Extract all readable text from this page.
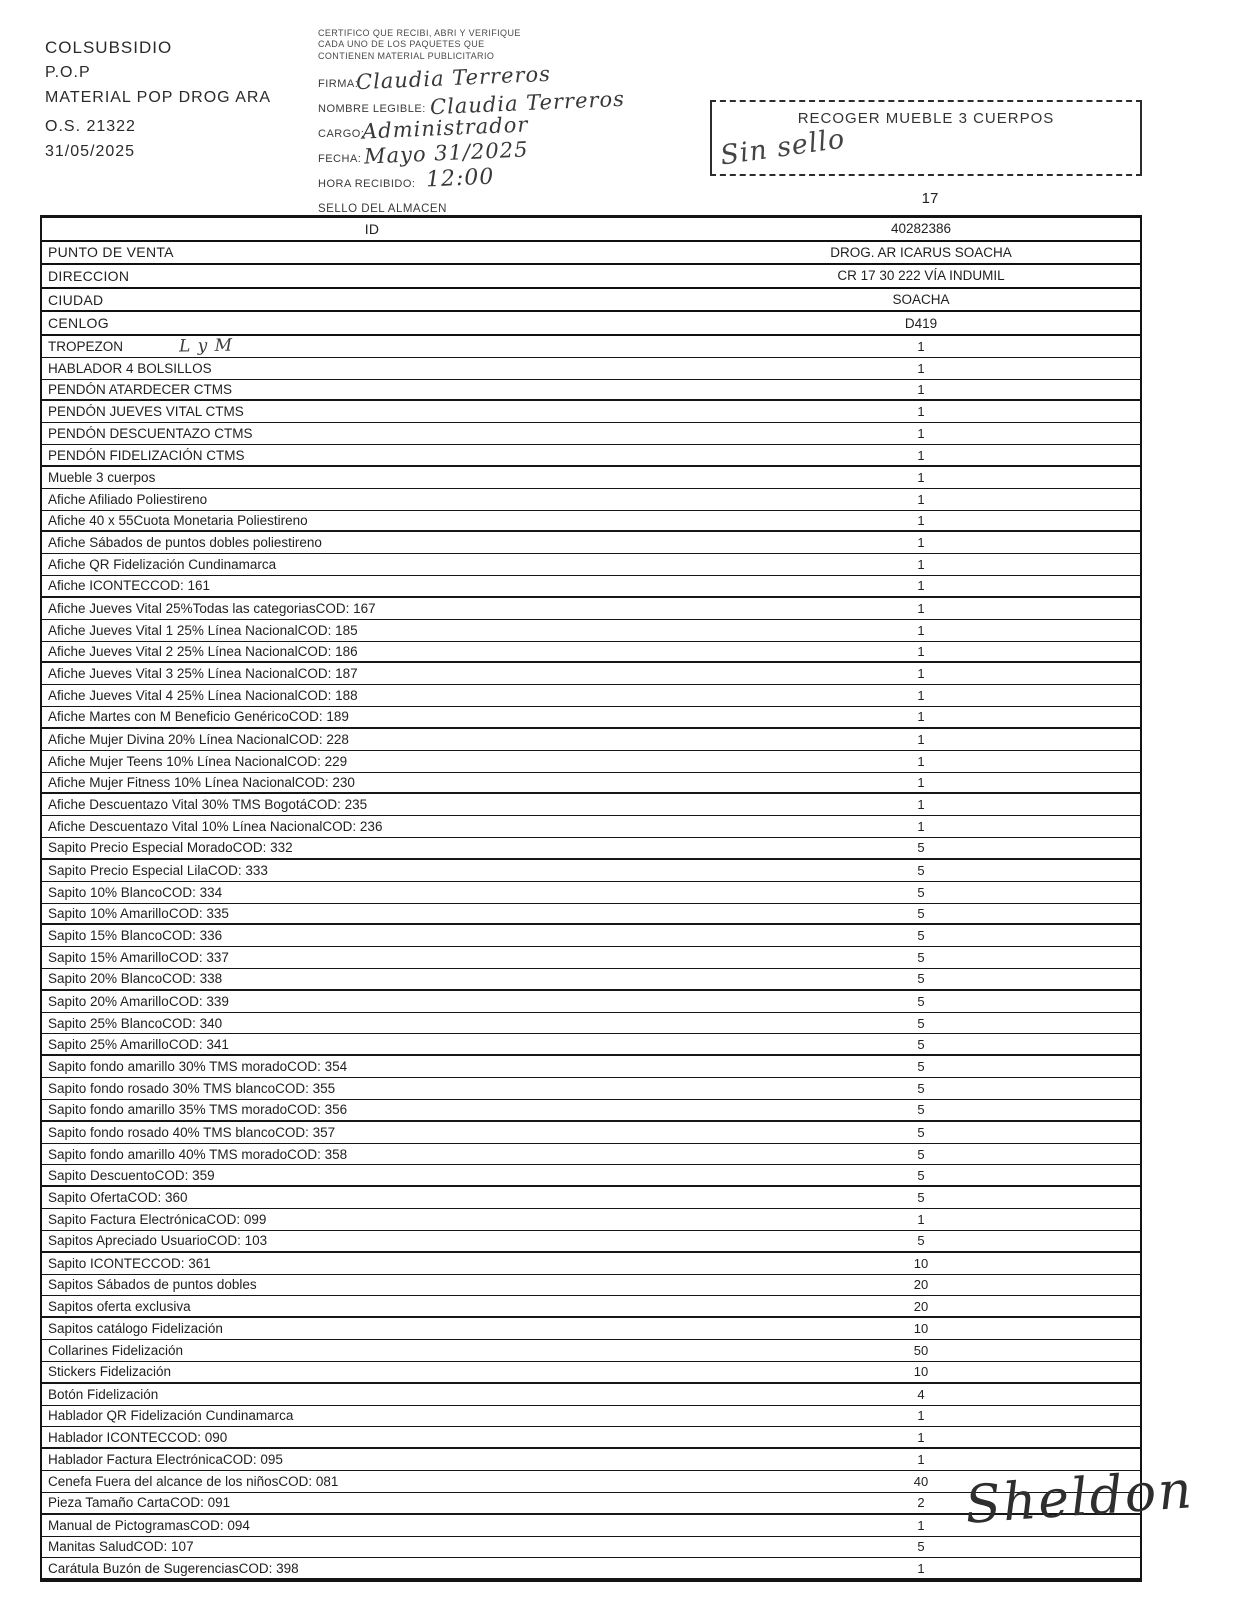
COLSUBSIDIO
P.O.P
MATERIAL POP DROG ARA
O.S. 21322
31/05/2025
CERTIFICO QUE RECIBI, ABRI Y VERIFIQUE
CADA UNO DE LOS PAQUETES QUE
CONTIENEN MATERIAL PUBLICITARIO
FIRMA:
Claudia Terreros
NOMBRE LEGIBLE: Claudia Terreros
CARGO:
Administrador
FECHA: Mayo 31/2025
HORA RECIBIDO: 12:00
SELLO DEL ALMACEN
RECOGER MUEBLE 3 CUERPOS
Sin sello
17
ID	40282386
PUNTO DE VENTA	DROG. AR ICARUS SOACHA
DIRECCION	CR 17 30 222 VÍA INDUMIL
CIUDAD	SOACHA
CENLOG	D419
TROPEZON	L y M	1
HABLADOR 4 BOLSILLOS	1
PENDÓN ATARDECER CTMS	1
PENDÓN JUEVES VITAL CTMS	1
PENDÓN DESCUENTAZO CTMS	1
PENDÓN FIDELIZACIÓN CTMS	1
Mueble 3 cuerpos	1
Afiche Afiliado Poliestireno	1
Afiche 40 x 55Cuota Monetaria Poliestireno	1
Afiche Sábados de puntos dobles poliestireno	1
Afiche QR Fidelización Cundinamarca	1
Afiche ICONTECCOD: 161	1
Afiche Jueves Vital 25%Todas las categoriasCOD: 167	1
Afiche Jueves Vital 1 25% Línea NacionalCOD: 185	1
Afiche Jueves Vital 2 25% Línea NacionalCOD: 186	1
Afiche Jueves Vital 3 25% Línea NacionalCOD: 187	1
Afiche Jueves Vital 4 25% Línea NacionalCOD: 188	1
Afiche Martes con M Beneficio GenéricoCOD: 189	1
Afiche Mujer Divina 20% Línea NacionalCOD: 228	1
Afiche Mujer Teens 10% Línea NacionalCOD: 229	1
Afiche Mujer Fitness 10% Línea NacionalCOD: 230	1
Afiche Descuentazo Vital 30% TMS BogotáCOD: 235	1
Afiche Descuentazo Vital 10% Línea NacionalCOD: 236	1
Sapito Precio Especial MoradoCOD: 332	5
Sapito Precio Especial LilaCOD: 333	5
Sapito 10% BlancoCOD: 334	5
Sapito 10% AmarilloCOD: 335	5
Sapito 15% BlancoCOD: 336	5
Sapito 15% AmarilloCOD: 337	5
Sapito 20% BlancoCOD: 338	5
Sapito 20% AmarilloCOD: 339	5
Sapito 25% BlancoCOD: 340	5
Sapito 25% AmarilloCOD: 341	5
Sapito fondo amarillo 30% TMS moradoCOD: 354	5
Sapito fondo rosado 30% TMS blancoCOD: 355	5
Sapito fondo amarillo 35% TMS moradoCOD: 356	5
Sapito fondo rosado 40% TMS blancoCOD: 357	5
Sapito fondo amarillo 40% TMS moradoCOD: 358	5
Sapito DescuentoCOD: 359	5
Sapito OfertaCOD: 360	5
Sapito Factura ElectrónicaCOD: 099	1
Sapitos Apreciado UsuarioCOD: 103	5
Sapito ICONTECCOD: 361	10
Sapitos Sábados de puntos dobles	20
Sapitos oferta exclusiva	20
Sapitos catálogo Fidelización	10
Collarines Fidelización	50
Stickers Fidelización	10
Botón Fidelización	4
Hablador QR Fidelización Cundinamarca	1
Hablador ICONTECCOD: 090	1
Hablador Factura ElectrónicaCOD: 095	1
Cenefa Fuera del alcance de los niñosCOD: 081	40
Pieza Tamaño CartaCOD: 091	2
Manual de PictogramasCOD: 094	1
Manitas SaludCOD: 107	5
Carátula Buzón de SugerenciasCOD: 398	1
Sheldon
